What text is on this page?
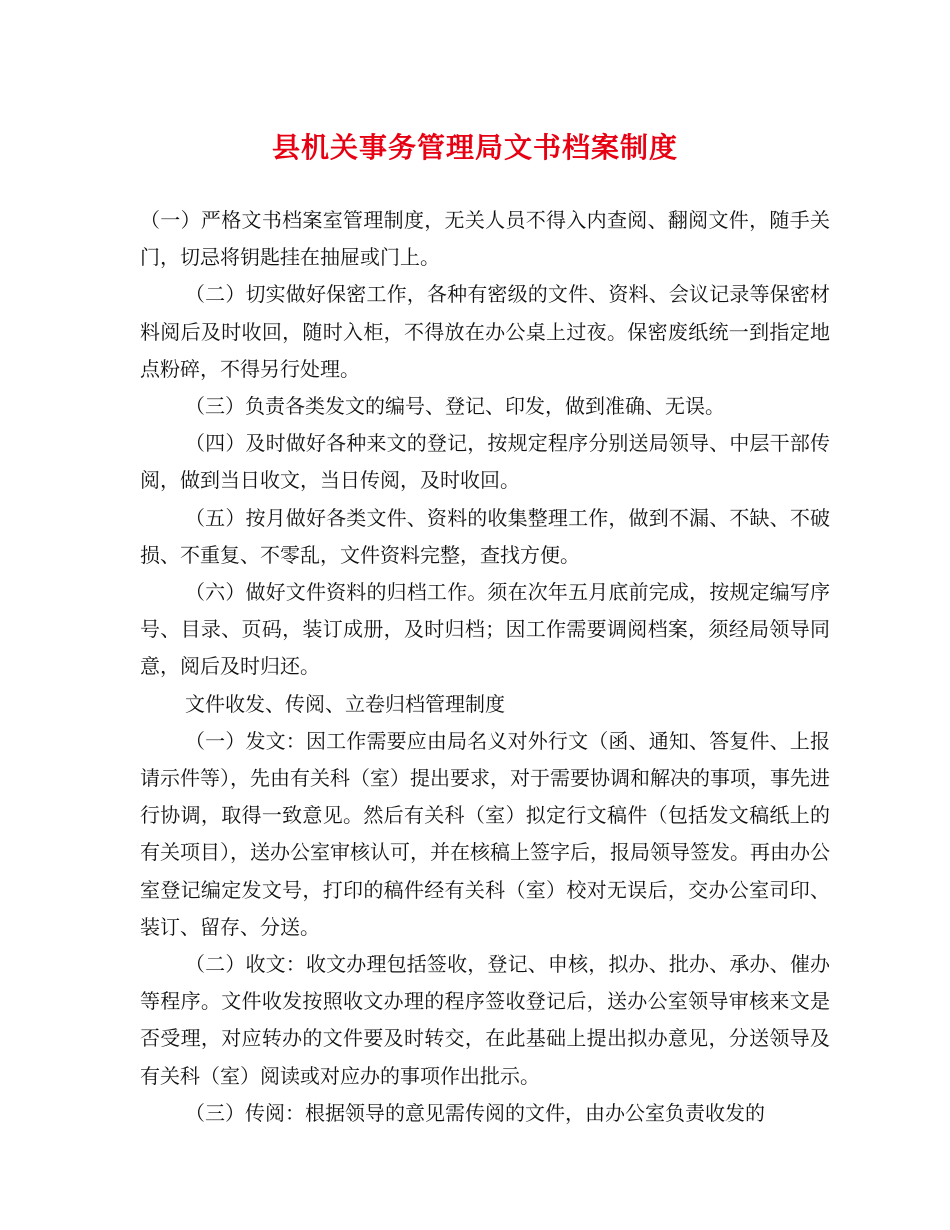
县机关事务管理局文书档案制度

（一）严格文书档案室管理制度，无关人员不得入内查阅、翻阅文件，随手关门，切忌将钥匙挂在抽屉或门上。

（二）切实做好保密工作，各种有密级的文件、资料、会议记录等保密材料阅后及时收回，随时入柜，不得放在办公桌上过夜。保密废纸统一到指定地点粉碎，不得另行处理。

（三）负责各类发文的编号、登记、印发，做到准确、无误。

（四）及时做好各种来文的登记，按规定程序分别送局领导、中层干部传阅，做到当日收文，当日传阅，及时收回。

（五）按月做好各类文件、资料的收集整理工作，做到不漏、不缺、不破损、不重复、不零乱，文件资料完整，查找方便。

（六）做好文件资料的归档工作。须在次年五月底前完成，按规定编写序号、目录、页码，装订成册，及时归档；因工作需要调阅档案，须经局领导同意，阅后及时归还。

文件收发、传阅、立卷归档管理制度

（一）发文：因工作需要应由局名义对外行文（函、通知、答复件、上报请示件等），先由有关科（室）提出要求，对于需要协调和解决的事项，事先进行协调，取得一致意见。然后有关科（室）拟定行文稿件（包括发文稿纸上的有关项目），送办公室审核认可，并在核稿上签字后，报局领导签发。再由办公室登记编定发文号，打印的稿件经有关科（室）校对无误后，交办公室司印、装订、留存、分送。

（二）收文：收文办理包括签收，登记、申核，拟办、批办、承办、催办等程序。文件收发按照收文办理的程序签收登记后，送办公室领导审核来文是否受理，对应转办的文件要及时转交，在此基础上提出拟办意见，分送领导及有关科（室）阅读或对应办的事项作出批示。

（三）传阅：根据领导的意见需传阅的文件，由办公室负责收发的
